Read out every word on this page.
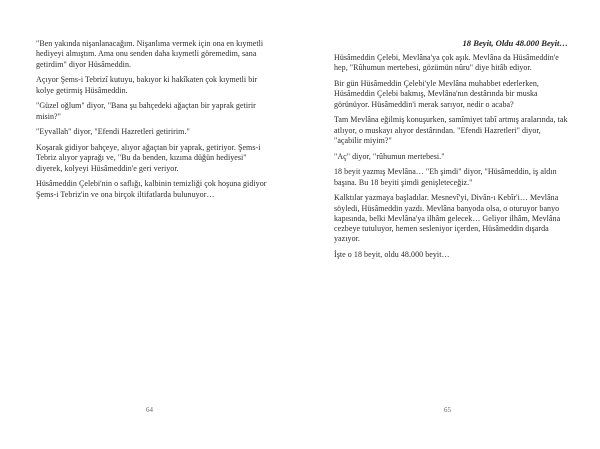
"Ben yakında nişanlanacağım. Nişanlıma vermek için ona en kıymetli hediyeyi almıştım. Ama onu senden daha kıymetli göremedim, sana getirdim" diyor Hüsâmeddin.

Açıyor Şems-i Tebrizî kutuyu, bakıyor ki hakîkaten çok kıymetli bir kolye getirmiş Hüsâmeddin.

"Güzel oğlum" diyor, "Bana şu bahçedeki ağaçtan bir yaprak getirir misin?"

"Eyvallah" diyor, "Efendi Hazretleri getiririm."

Koşarak gidiyor bahçeye, alıyor ağaçtan bir yaprak, getiriyor. Şems-i Tebriz alıyor yaprağı ve, "Bu da benden, kızıma düğün hediyesi" diyerek, kolyeyi Hüsâmeddin'e geri veriyor.

Hüsâmeddin Çelebi'nin o saflığı, kalbinin temizliği çok hoşuna gidiyor Şems-i Tebriz'in ve ona birçok iltifatlarda bulunuyor…

64
18 Beyit, Oldu 48.000 Beyit…

Hüsâmeddin Çelebi, Mevlâna'ya çok aşık. Mevlâna da Hüsâmeddin'e hep, "Rûhumun mertebesi, gözümün nûru" diye hitâb ediyor.

Bir gün Hüsâmeddin Çelebi'yle Mevlâna muhabbet ederlerken, Hüsâmeddin Çelebi bakmış, Mevlâna'nın destârında bir muska görünüyor. Hüsâmeddin'i merak sarıyor, nedir o acaba?

Tam Mevlâna eğilmiş konuşurken, samîmiyet tabî artmış aralarında, tak atlıyor, o muskayı alıyor destârından. "Efendi Hazretleri" diyor, "açabilir miyim?"

"Aç" diyor, "rûhumun mertebesi."

18 beyit yazmış Mevlâna… "Eh şimdi" diyor, "Hüsâmeddin, iş aldın başına. Bu 18 beyiti şimdi genişleteceğiz."

Kalktılar yazmaya başladılar. Mesnevî'yi, Divân-ı Kebîr'i… Mevlâna söyledi, Hüsâmeddin yazdı. Mevlâna banyoda olsa, o oturuyor banyo kapısında, belki Mevlâna'ya ilhâm gelecek… Geliyor ilhâm, Mevlâna cezbeye tutuluyor, hemen sesleniyor içerden, Hüsâmeddin dışarda yazıyor.

İşte o 18 beyit, oldu 48.000 beyit…

65
